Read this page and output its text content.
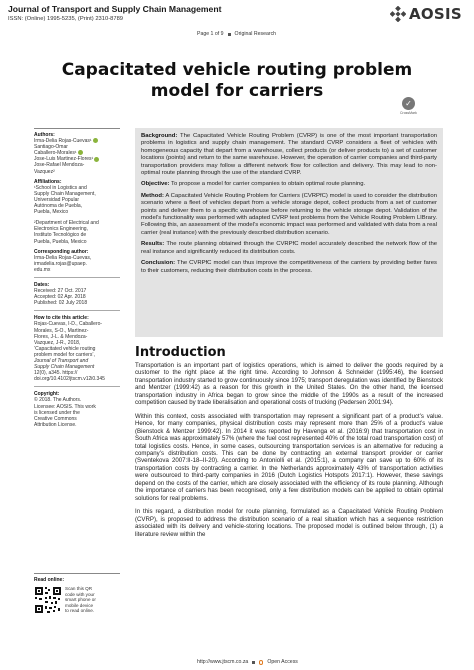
Journal of Transport and Supply Chain Management
ISSN: (Online) 1995-5235, (Print) 2310-8789	AOSIS
Page 1 of 9 Original Research
Capacitated vehicle routing problem
model for carriers
✓
CrossMark
Authors:
Irma-Delia Rojas-Cuevas¹
Santiago-Omar
Caballero-Morales¹
Jose-Luis Martinez-Flores¹
Jose-Rafael Mendoza-
Vazquez²
Affiliations:
¹School in Logistics and
Supply Chain Management,
Universidad Popular
Autónoma de Puebla,
Puebla, Mexico
²Department of Electrical and
Electronics Engineering,
Instituto Tecnológico de
Puebla, Puebla, Mexico
Corresponding author:
Irma-Delia Rojas-Cuevas,
irmadelia.rojas@upaep.
edu.mx
Dates:
Received: 27 Oct. 2017
Accepted: 02 Apr. 2018
Published: 02 July 2018
How to cite this article:
Rojas-Cuevas, I-D., Caballero-
Morales, S-O., Martinez-
Flores, J-L. & Mendoza-
Vazquez, J-R., 2018,
‘Capacitated vehicle routing
problem model for carriers’,
Journal of Transport and
Supply Chain Management
12(0), a345. https://
doi.org/10.4102/jtscm.v12i0.345
Copyright:
© 2018. The Authors.
Licensee: AOSIS. This work
is licensed under the
Creative Commons
Attribution License.
Read online:
Scan this QR
code with your
smart phone or
mobile device
to read online.

Background: The Capacitated Vehicle Routing Problem (CVRP) is one of the most important transportation problems in logistics and supply chain management. The standard CVRP considers a fleet of vehicles with homogeneous capacity that depart from a warehouse, collect products (or deliver products to) a set of customer locations (points) and return to the same warehouse. However, the operation of carrier companies and third-party transportation providers may follow a different network flow for collection and delivery. This may lead to non-optimal route planning through the use of the standard CVRP.

Objective: To propose a model for carrier companies to obtain optimal route planning.

Method: A Capacitated Vehicle Routing Problem for Carriers (CVRPfC) model is used to consider the distribution scenario where a fleet of vehicles depart from a vehicle storage depot, collect products from a set of customer points and deliver them to a specific warehouse before returning to the vehicle storage depot. Validation of the model’s functionality was performed with adapted CVRP test problems from the Vehicle Routing Problem LIBrary. Following this, an assessment of the model’s economic impact was performed and validated with data from a real carrier (real instance) with the previously described distribution scenario.

Results: The route planning obtained through the CVRPfC model accurately described the network flow of the real instance and significantly reduced its distribution costs.

Conclusion: The CVRPfC model can thus improve the competitiveness of the carriers by providing better fares to their customers, reducing their distribution costs in the process.

Introduction

Transportation is an important part of logistics operations, which is aimed to deliver the goods required by a customer to the right place at the right time. According to Johnson & Schneider (1995:46), the licensed transportation industry started to grow continuously since 1975; transport deregulation was identified by Bienstock and Mentzer (1999:42) as a reason for this growth in the United States. On the other hand, the licensed transportation industry in Africa began to grow since the middle of the 1990s as a result of the increased competition caused by trade liberalisation and operational costs of trucking (Pedersen 2001:94).

Within this context, costs associated with transportation may represent a significant part of a product’s value. Hence, for many companies, physical distribution costs may represent more than 25% of a product’s value (Bienstock & Mentzer 1999:42). In 2014 it was reported by Havenga et al. (2016:9) that transportation cost in South Africa was approximately 57% (where the fuel cost represented 40% of the total road transportation cost) of total logistics costs. Hence, in some cases, outsourcing transportation services is an alternative for reducing a company’s distribution costs. This can be done by contracting an external transport provider or carrier (Sventekova 2007:II-18–II-20). According to Antoniolli et al. (2015:1), a company can save up to 60% of its transportation costs by contracting a carrier. In the Netherlands approximately 43% of transportation activities were outsourced to third-party companies in 2016 (Dutch Logistics Hotspots 2017:1). However, these savings depend on the costs of the carrier, which are closely associated with the efficiency of its route planning. Although the importance of carriers has been recognised, only a few distribution models can be applied to obtain optimal solutions for real problems.

In this regard, a distribution model for route planning, formulated as a Capacitated Vehicle Routing Problem (CVRP), is proposed to address the distribution scenario of a real situation which has a sequence restriction associated with its delivery and vehicle-storing locations. The proposed model is outlined below through, (1) a literature review within the

http://www.jtscm.co.za	Open Access
